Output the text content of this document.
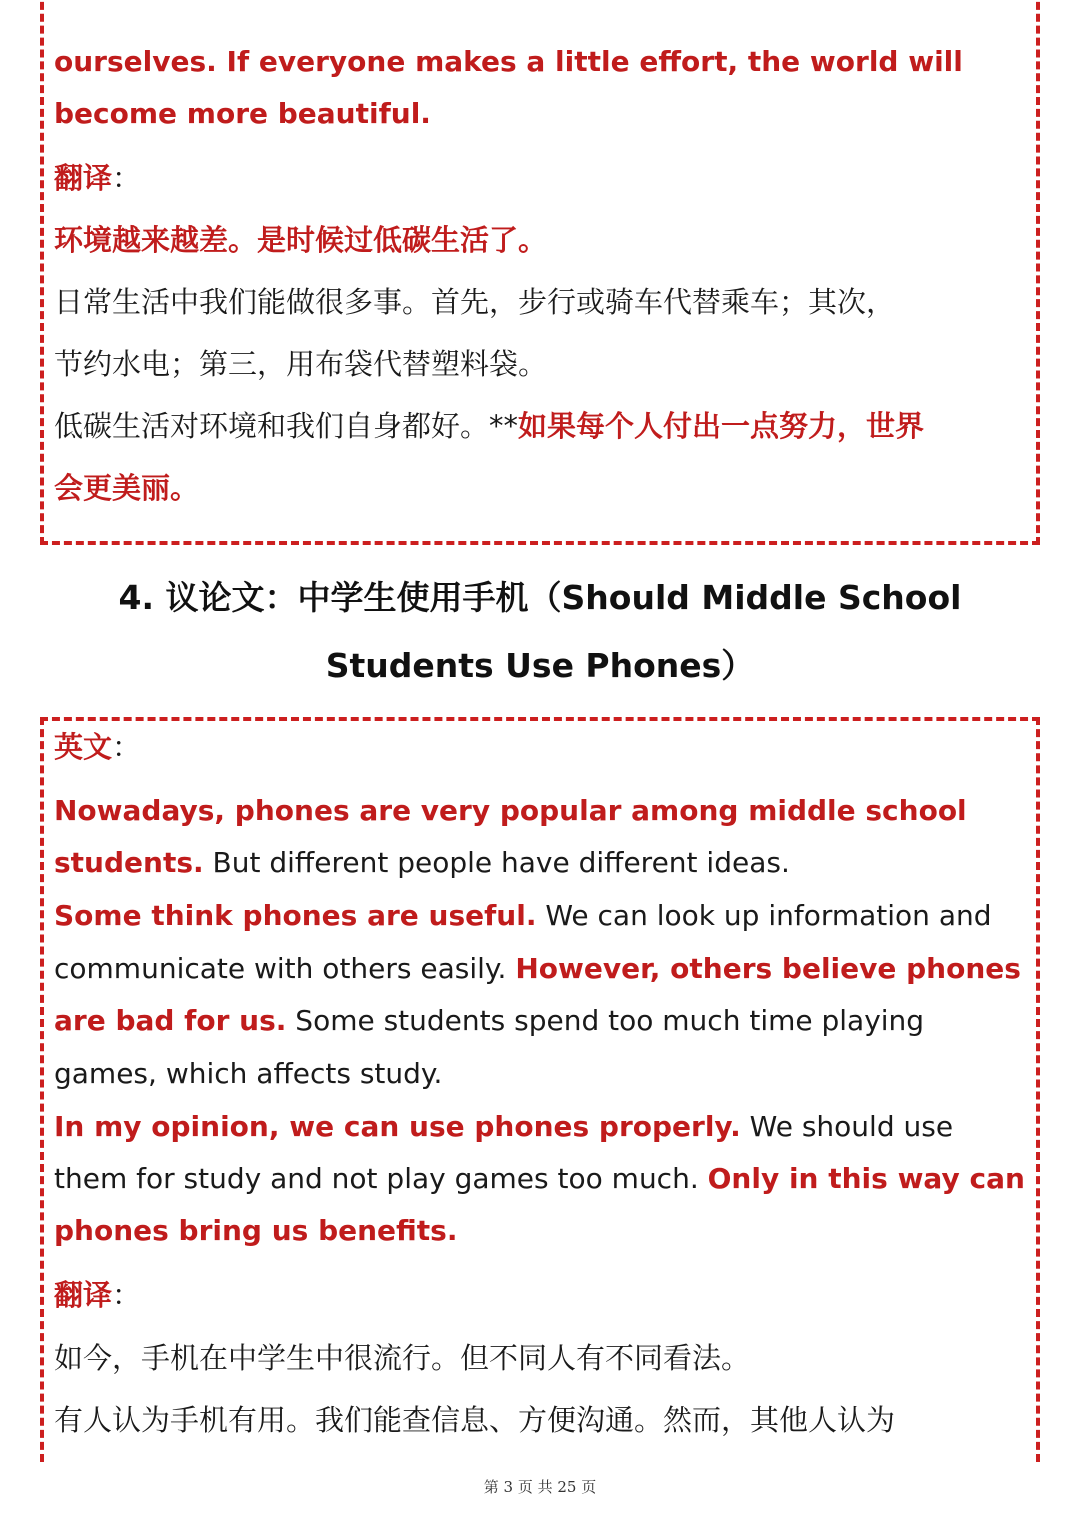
ourselves. If everyone makes a little effort, the world will
become more beautiful.
翻译：
环境越来越差。是时候过低碳生活了。
日常生活中我们能做很多事。首先，步行或骑车代替乘车；其次，
节约水电；第三，用布袋代替塑料袋。
低碳生活对环境和我们自身都好。**如果每个人付出一点努力，世界
会更美丽。
4. 议论文：中学生使用手机（Should Middle School
Students Use Phones）
英文：
Nowadays, phones are very popular among middle school
students. But different people have different ideas.
Some think phones are useful. We can look up information and
communicate with others easily. However, others believe phones
are bad for us. Some students spend too much time playing
games, which affects study.
In my opinion, we can use phones properly. We should use
them for study and not play games too much. Only in this way can
phones bring us benefits.
翻译：
如今，手机在中学生中很流行。但不同人有不同看法。
有人认为手机有用。我们能查信息、方便沟通。然而，其他人认为
第 3 页 共 25 页
